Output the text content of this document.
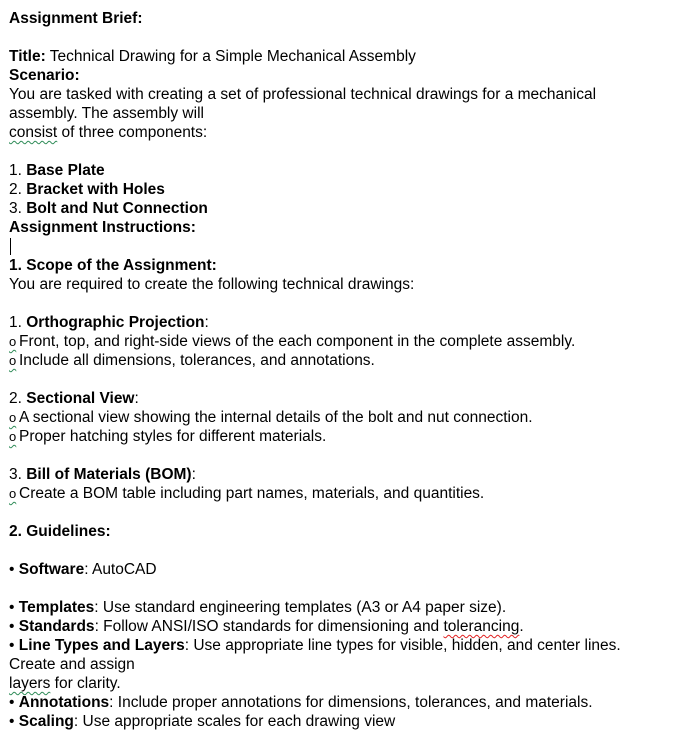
Assignment Brief:
Title: Technical Drawing for a Simple Mechanical Assembly
Scenario:
You are tasked with creating a set of professional technical drawings for a mechanical
assembly. The assembly will
consist of three components:
1. Base Plate
2. Bracket with Holes
3. Bolt and Nut Connection
Assignment Instructions:
1. Scope of the Assignment:
You are required to create the following technical drawings:
1. Orthographic Projection:
o Front, top, and right-side views of the each component in the complete assembly.
o Include all dimensions, tolerances, and annotations.
2. Sectional View:
o A sectional view showing the internal details of the bolt and nut connection.
o Proper hatching styles for different materials.
3. Bill of Materials (BOM):
o Create a BOM table including part names, materials, and quantities.
2. Guidelines:
• Software: AutoCAD
• Templates: Use standard engineering templates (A3 or A4 paper size).
• Standards: Follow ANSI/ISO standards for dimensioning and tolerancing.
• Line Types and Layers: Use appropriate line types for visible, hidden, and center lines.
Create and assign
layers for clarity.
• Annotations: Include proper annotations for dimensions, tolerances, and materials.
• Scaling: Use appropriate scales for each drawing view
